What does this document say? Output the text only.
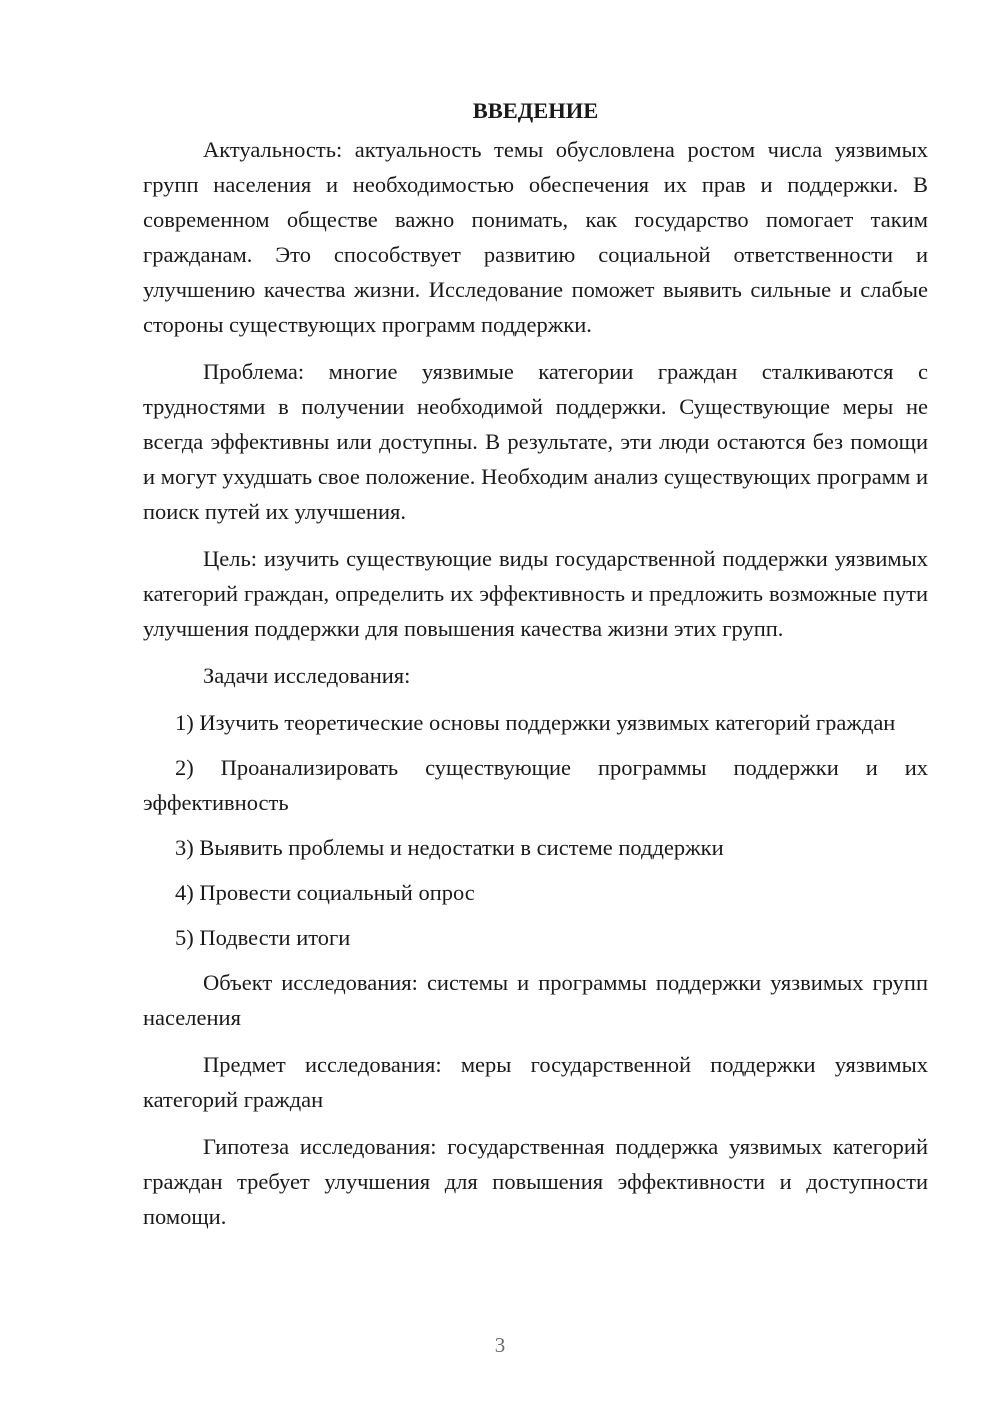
ВВЕДЕНИЕ

Актуальность: актуальность темы обусловлена ростом числа уязвимых групп населения и необходимостью обеспечения их прав и поддержки. В современном обществе важно понимать, как государство помогает таким гражданам. Это способствует развитию социальной ответственности и улучшению качества жизни. Исследование поможет выявить сильные и слабые стороны существующих программ поддержки.

Проблема: многие уязвимые категории граждан сталкиваются с трудностями в получении необходимой поддержки. Существующие меры не всегда эффективны или доступны. В результате, эти люди остаются без помощи и могут ухудшать свое положение. Необходим анализ существующих программ и поиск путей их улучшения.

Цель: изучить существующие виды государственной поддержки уязвимых категорий граждан, определить их эффективность и предложить возможные пути улучшения поддержки для повышения качества жизни этих групп.

Задачи исследования:

1) Изучить теоретические основы поддержки уязвимых категорий граждан

2) Проанализировать существующие программы поддержки и их эффективность

3) Выявить проблемы и недостатки в системе поддержки

4) Провести социальный опрос

5) Подвести итоги

Объект исследования: системы и программы поддержки уязвимых групп населения

Предмет исследования: меры государственной поддержки уязвимых категорий граждан

Гипотеза исследования: государственная поддержка уязвимых категорий граждан требует улучшения для повышения эффективности и доступности помощи.

3
